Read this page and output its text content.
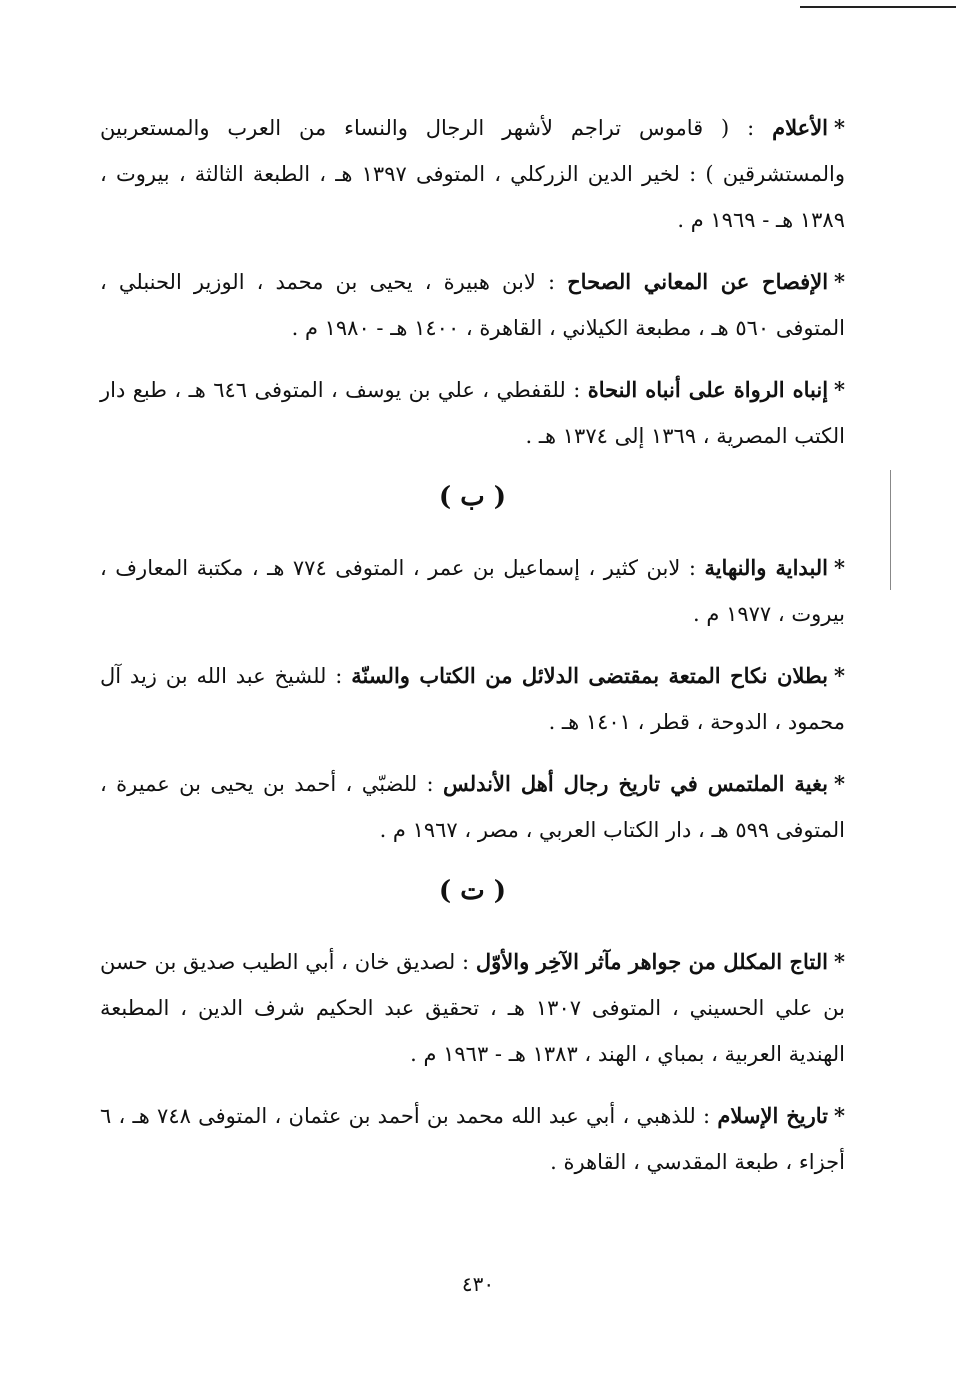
*الأعلام : ( قاموس تراجم لأشهر الرجال والنساء من العرب والمستعربين والمستشرقين ) : لخير الدين الزركلي ، المتوفى ١٣٩٧ هـ ، الطبعة الثالثة ، بيروت ، ١٣٨٩ هـ - ١٩٦٩ م .
*الإفصاح عن المعاني الصحاح : لابن هبيرة ، يحيى بن محمد ، الوزير الحنبلي ، المتوفى ٥٦٠ هـ ، مطبعة الكيلاني ، القاهرة ، ١٤٠٠ هـ - ١٩٨٠ م .
*إنباه الرواة على أنباه النحاة : للقفطي ، علي بن يوسف ، المتوفى ٦٤٦ هـ ، طبع دار الكتب المصرية ، ١٣٦٩ إلى ١٣٧٤ هـ .
( ب )
*البداية والنهاية : لابن كثير ، إسماعيل بن عمر ، المتوفى ٧٧٤ هـ ، مكتبة المعارف ، بيروت ، ١٩٧٧ م .
*بطلان نكاح المتعة بمقتضى الدلائل من الكتاب والسنّة : للشيخ عبد الله بن زيد آل محمود ، الدوحة ، قطر ، ١٤٠١ هـ .
*بغية الملتمس في تاريخ رجال أهل الأندلس : للضبّي ، أحمد بن يحيى بن عميرة ، المتوفى ٥٩٩ هـ ، دار الكتاب العربي ، مصر ، ١٩٦٧ م .
( ت )
*التاج المكلل من جواهر مآثر الآخِر والأوّل : لصديق خان ، أبي الطيب صديق بن حسن بن علي الحسيني ، المتوفى ١٣٠٧ هـ ، تحقيق عبد الحكيم شرف الدين ، المطبعة الهندية العربية ، بمباي ، الهند ، ١٣٨٣ هـ - ١٩٦٣ م .
*تاريخ الإسلام : للذهبي ، أبي عبد الله محمد بن أحمد بن عثمان ، المتوفى ٧٤٨ هـ ، ٦ أجزاء ، طبعة المقدسي ، القاهرة .
٤٣٠
